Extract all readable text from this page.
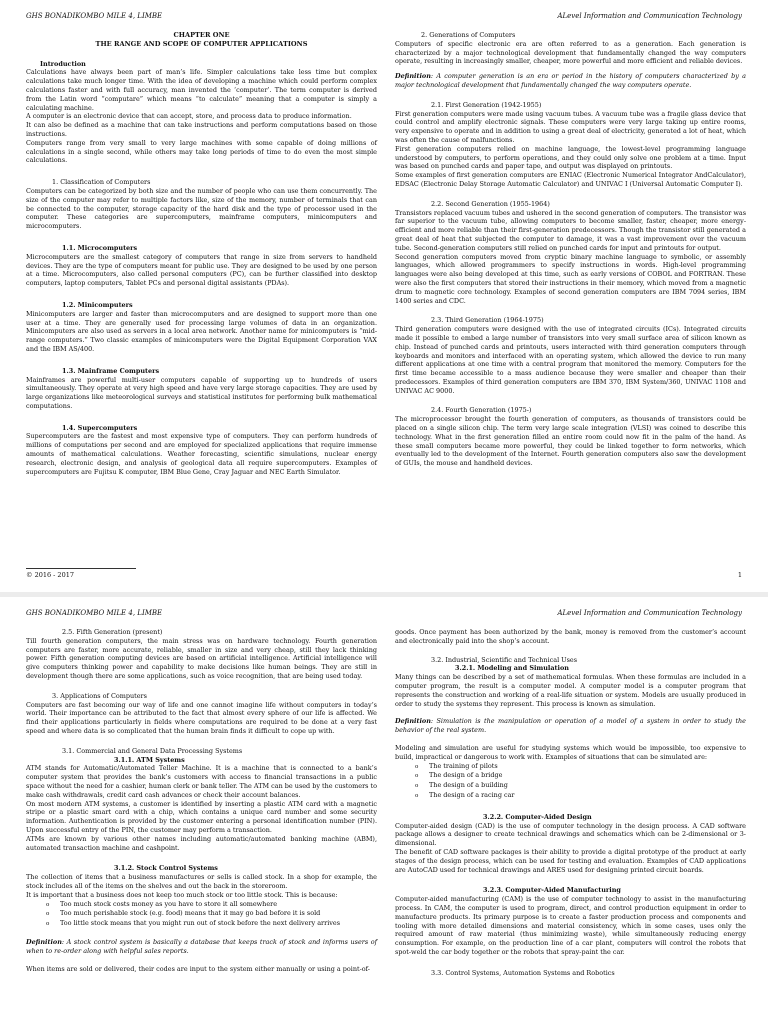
GHS BONADIKOMBO MILE 4, LIMBE	ALevel Information and Communication Technology

CHAPTER ONE

THE RANGE AND SCOPE OF COMPUTER APPLICATIONS

Introduction

Calculations have always been part of man’s life. Simpler calculations take less time but complex calculations take much longer time. With the idea of developing a machine which could perform complex calculations faster and with full accuracy, man invented the ‘computer’. The term computer is derived from the Latin word “computare” which means “to calculate” meaning that a computer is simply a calculating machine.

A computer is an electronic device that can accept, store, and process data to produce information.

It can also be defined as a machine that can take instructions and perform computations based on those instructions.

Computers range from very small to very large machines with some capable of doing millions of calculations in a single second, while others may take long periods of time to do even the most simple calculations.

1. Classification of Computers

Computers can be categorized by both size and the number of people who can use them concurrently. The size of the computer may refer to multiple factors like, size of the memory, number of terminals that can be connected to the computer, storage capacity of the hard disk and the type of processor used in the computer. These categories are supercomputers, mainframe computers, minicomputers and microcomputers.

1.1. Microcomputers

Microcomputers are the smallest category of computers that range in size from servers to handheld devices. They are the type of computers meant for public use. They are designed to be used by one person at a time. Microcomputers, also called personal computers (PC), can be further classified into desktop computers, laptop computers, Tablet PCs and personal digital assistants (PDAs).

1.2. Minicomputers

Minicomputers are larger and faster than microcomputers and are designed to support more than one user at a time. They are generally used for processing large volumes of data in an organization. Minicomputers are also used as servers in a local area network. Another name for minicomputers is “mid-range computers.” Two classic examples of minicomputers were the Digital Equipment Corporation VAX and the IBM AS/400.

1.3. Mainframe Computers

Mainframes are powerful multi-user computers capable of supporting up to hundreds of users simultaneously. They operate at very high speed and have very large storage capacities. They are used by large organizations like meteorological surveys and statistical institutes for performing bulk mathematical computations.

1.4. Supercomputers

Supercomputers are the fastest and most expensive type of computers. They can perform hundreds of millions of computations per second and are employed for specialized applications that require immense amounts of mathematical calculations. Weather forecasting, scientific simulations, nuclear energy research, electronic design, and analysis of geological data all require supercomputers. Examples of supercomputers are Fujitsu K computer, IBM Blue Gene, Cray Jaguar and NEC Earth Simulator.

2. Generations of Computers

Computers of specific electronic era are often referred to as a generation. Each generation is characterized by a major technological development that fundamentally changed the way computers operate, resulting in increasingly smaller, cheaper, more powerful and more efficient and reliable devices.

Definition: A computer generation is an era or period in the history of computers characterized by a major technological development that fundamentally changed the way computers operate.

2.1. First Generation (1942-1955)

First generation computers were made using vacuum tubes. A vacuum tube was a fragile glass device that could control and amplify electronic signals. These computers were very large taking up entire rooms, very expensive to operate and in addition to using a great deal of electricity, generated a lot of heat, which was often the cause of malfunctions.

First generation computers relied on machine language, the lowest-level programming language understood by computers, to perform operations, and they could only solve one problem at a time. Input was based on punched cards and paper tape, and output was displayed on printouts.

Some examples of first generation computers are ENIAC (Electronic Numerical Integrator AndCalculator), EDSAC (Electronic Delay Storage Automatic Calculator) and UNIVAC I (Universal Automatic Computer I).

2.2. Second Generation (1955-1964)

Transistors replaced vacuum tubes and ushered in the second generation of computers. The transistor was far superior to the vacuum tube, allowing computers to become smaller, faster, cheaper, more energy-efficient and more reliable than their first-generation predecessors. Though the transistor still generated a great deal of heat that subjected the computer to damage, it was a vast improvement over the vacuum tube. Second-generation computers still relied on punched cards for input and printouts for output.

Second generation computers moved from cryptic binary machine language to symbolic, or assembly languages, which allowed programmers to specify instructions in words. High-level programming languages were also being developed at this time, such as early versions of COBOL and FORTRAN. These were also the first computers that stored their instructions in their memory, which moved from a magnetic drum to magnetic core technology. Examples of second generation computers are IBM 7094 series, IBM 1400 series and CDC.

2.3. Third Generation (1964-1975)

Third generation computers were designed with the use of integrated circuits (ICs). Integrated circuits made it possible to embed a large number of transistors into very small surface area of silicon known as chip. Instead of punched cards and printouts, users interacted with third generation computers through keyboards and monitors and interfaced with an operating system, which allowed the device to run many different applications at one time with a central program that monitored the memory. Computers for the first time became accessible to a mass audience because they were smaller and cheaper than their predecessors. Examples of third generation computers are IBM 370, IBM System/360, UNIVAC 1108 and UNIVAC AC 9000.

2.4. Fourth Generation (1975-)

The microprocessor brought the fourth generation of computers, as thousands of transistors could be placed on a single silicon chip. The term very large scale integration (VLSI) was coined to describe this technology. What in the first generation filled an entire room could now fit in the palm of the hand. As these small computers became more powerful, they could be linked together to form networks, which eventually led to the development of the Internet. Fourth generation computers also saw the development of GUIs, the mouse and handheld devices.

© 2016 - 2017	1
GHS BONADIKOMBO MILE 4, LIMBE	ALevel Information and Communication Technology

2.5. Fifth Generation (present)

Till fourth generation computers, the main stress was on hardware technology. Fourth generation computers are faster, more accurate, reliable, smaller in size and very cheap, still they lack thinking power. Fifth generation computing devices are based on artificial intelligence. Artificial intelligence will give computers thinking power and capability to make decisions like human beings. They are still in development though there are some applications, such as voice recognition, that are being used today.

3. Applications of Computers

Computers are fast becoming our way of life and one cannot imagine life without computers in today’s world. Their importance can be attributed to the fact that almost every sphere of our life is affected. We find their applications particularly in fields where computations are required to be done at a very fast speed and where data is so complicated that the human brain finds it difficult to cope up with.

3.1. Commercial and General Data Processing Systems

3.1.1. ATM Systems

ATM stands for Automatic/Automated Teller Machine. It is a machine that is connected to a bank’s computer system that provides the bank’s customers with access to financial transactions in a public space without the need for a cashier, human clerk or bank teller. The ATM can be used by the customers to make cash withdrawals, credit card cash advances or check their account balances.

On most modern ATM systems, a customer is identified by inserting a plastic ATM card with a magnetic stripe or a plastic smart card with a chip, which contains a unique card number and some security information. Authentication is provided by the customer entering a personal identification number (PIN). Upon successful entry of the PIN, the customer may perform a transaction.

ATMs are known by various other names including automatic/automated banking machine (ABM), automated transaction machine and cashpoint.

3.1.2. Stock Control Systems

The collection of items that a business manufactures or sells is called stock. In a shop for example, the stock includes all of the items on the shelves and out the back in the storeroom.

It is important that a business does not keep too much stock or too little stock. This is because:

o Too much stock costs money as you have to store it all somewhere
o Too much perishable stock (e.g. food) means that it may go bad before it is sold
o Too little stock means that you might run out of stock before the next delivery arrives

Definition: A stock control system is basically a database that keeps track of stock and informs users of when to re-order along with helpful sales reports.

When items are sold or delivered, their codes are input to the system either manually or using a point-of-

goods. Once payment has been authorized by the bank, money is removed from the customer’s account and electronically paid into the shop’s account.

3.2. Industrial, Scientific and Technical Uses

3.2.1. Modeling and Simulation

Many things can be described by a set of mathematical formulas. When these formulas are included in a computer program, the result is a computer model. A computer model is a computer program that represents the construction and working of a real-life situation or system. Models are usually produced in order to study the systems they represent. This process is known as simulation.

Definition: Simulation is the manipulation or operation of a model of a system in order to study the behavior of the real system.

Modeling and simulation are useful for studying systems which would be impossible, too expensive to build, impractical or dangerous to work with. Examples of situations that can be simulated are:

o The training of pilots
o The design of a bridge
o The design of a building
o The design of a racing car

3.2.2. Computer-Aided Design

Computer-aided design (CAD) is the use of computer technology in the design process. A CAD software package allows a designer to create technical drawings and schematics which can be 2-dimensional or 3-dimensional.

The benefit of CAD software packages is their ability to provide a digital prototype of the product at early stages of the design process, which can be used for testing and evaluation. Examples of CAD applications are AutoCAD used for technical drawings and ARES used for designing printed circuit boards.

3.2.3. Computer-Aided Manufacturing

Computer-aided manufacturing (CAM) is the use of computer technology to assist in the manufacturing process. In CAM, the computer is used to program, direct, and control production equipment in order to manufacture products. Its primary purpose is to create a faster production process and components and tooling with more detailed dimensions and material consistency, which in some cases, uses only the required amount of raw material (thus minimizing waste), while simultaneously reducing energy consumption. For example, on the production line of a car plant, computers will control the robots that spot-weld the car body together or the robots that spray-paint the car.

3.3. Control Systems, Automation Systems and Robotics
